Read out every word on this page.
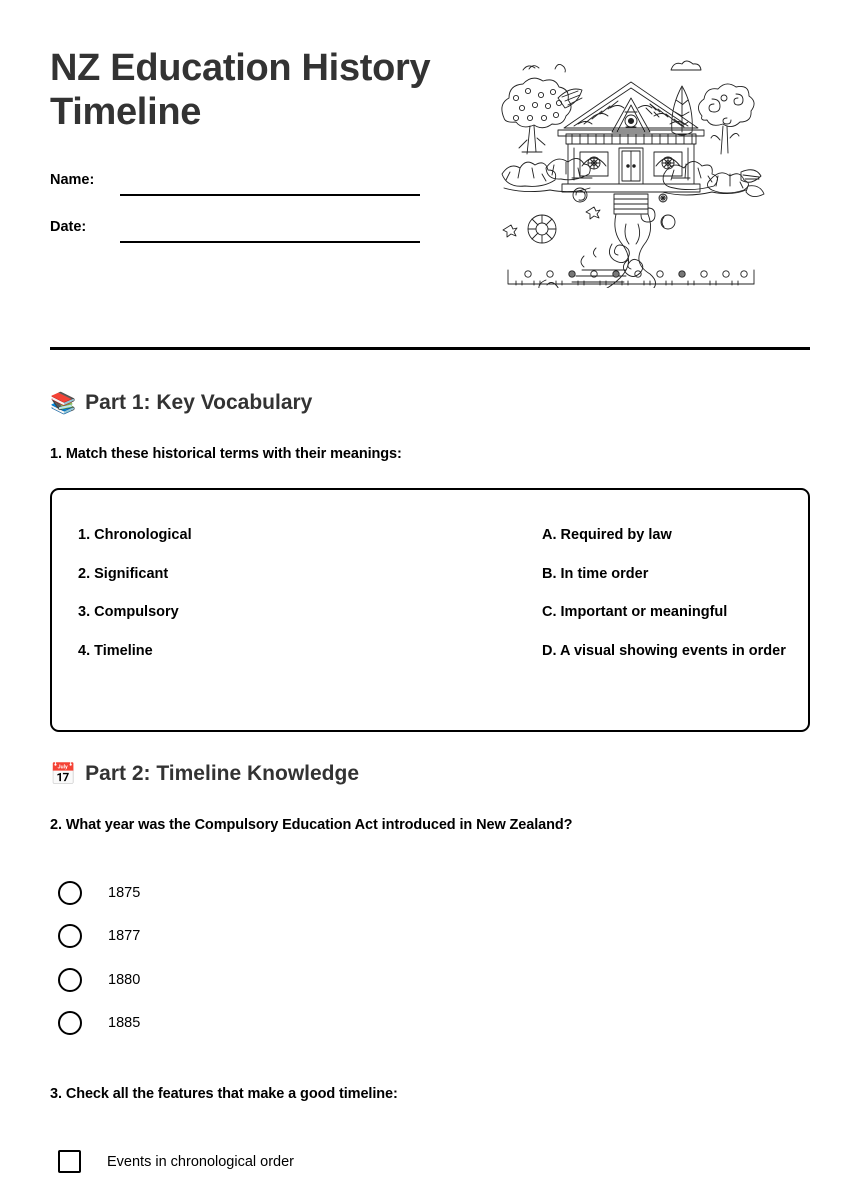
NZ Education History Timeline
Name:
Date:
📚 Part 1: Key Vocabulary
1. Match these historical terms with their meanings:
1. Chronological
2. Significant
3. Compulsory
4. Timeline
A. Required by law
B. In time order
C. Important or meaningful
D. A visual showing events in order
📅 Part 2: Timeline Knowledge
2. What year was the Compulsory Education Act introduced in New Zealand?
1875
1877
1880
1885
3. Check all the features that make a good timeline:
Events in chronological order
